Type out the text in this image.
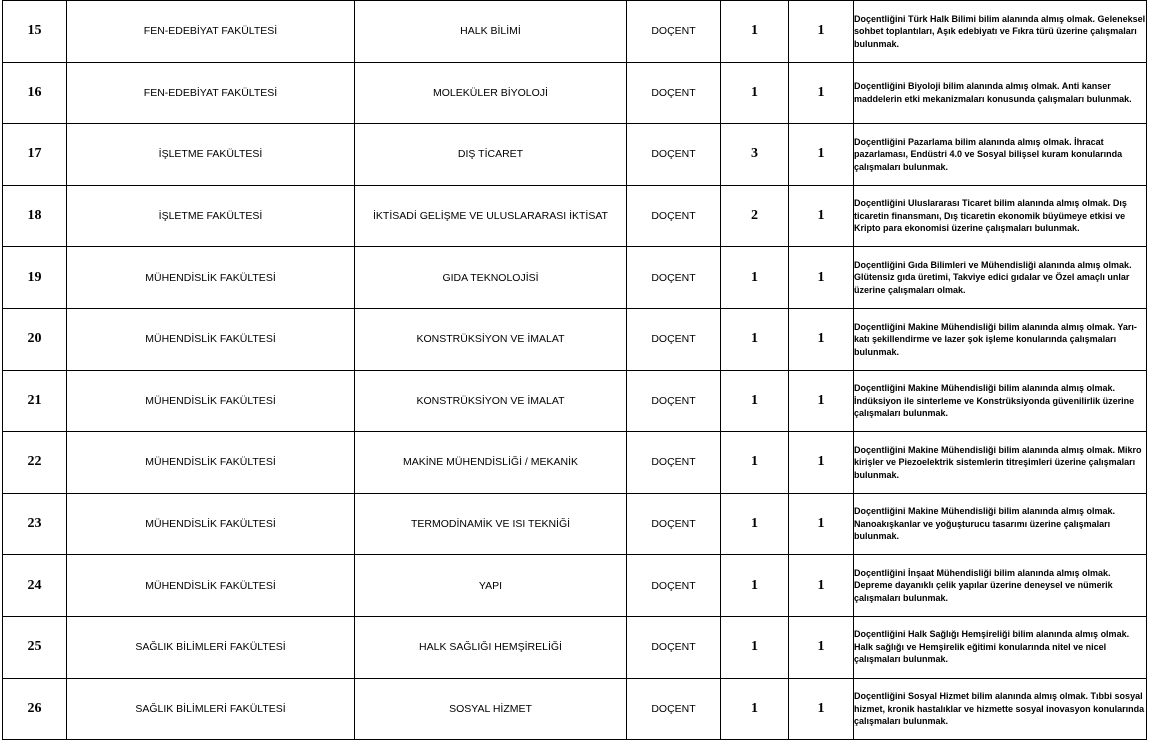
15	FEN-EDEBİYAT FAKÜLTESİ	HALK BİLİMİ	DOÇENT	1	1	Doçentliğini Türk Halk Bilimi bilim alanında almış olmak. Geleneksel sohbet toplantıları, Aşık edebiyatı ve Fıkra türü üzerine çalışmaları bulunmak.
16	FEN-EDEBİYAT FAKÜLTESİ	MOLEKÜLER BİYOLOJİ	DOÇENT	1	1	Doçentliğini Biyoloji bilim alanında almış olmak. Anti kanser maddelerin etki mekanizmaları konusunda çalışmaları bulunmak.
17	İŞLETME FAKÜLTESİ	DIŞ TİCARET	DOÇENT	3	1	Doçentliğini Pazarlama bilim alanında almış olmak. İhracat pazarlaması, Endüstri 4.0 ve Sosyal bilişsel kuram konularında çalışmaları bulunmak.
18	İŞLETME FAKÜLTESİ	İKTİSADİ GELİŞME VE ULUSLARARASI İKTİSAT	DOÇENT	2	1	Doçentliğini Uluslararası Ticaret bilim alanında almış olmak. Dış ticaretin finansmanı, Dış ticaretin ekonomik büyümeye etkisi ve Kripto para ekonomisi üzerine çalışmaları bulunmak.
19	MÜHENDİSLİK FAKÜLTESİ	GIDA TEKNOLOJİSİ	DOÇENT	1	1	Doçentliğini Gıda Bilimleri ve Mühendisliği alanında almış olmak. Glütensiz gıda üretimi, Takviye edici gıdalar ve Özel amaçlı unlar üzerine çalışmaları olmak.
20	MÜHENDİSLİK FAKÜLTESİ	KONSTRÜKSİYON VE İMALAT	DOÇENT	1	1	Doçentliğini Makine Mühendisliği bilim alanında almış olmak. Yarı-katı şekillendirme ve lazer şok işleme konularında çalışmaları bulunmak.
21	MÜHENDİSLİK FAKÜLTESİ	KONSTRÜKSİYON VE İMALAT	DOÇENT	1	1	Doçentliğini Makine Mühendisliği bilim alanında almış olmak. İndüksiyon ile sinterleme ve Konstrüksiyonda güvenilirlik üzerine çalışmaları bulunmak.
22	MÜHENDİSLİK FAKÜLTESİ	MAKİNE MÜHENDİSLİĞİ / MEKANİK	DOÇENT	1	1	Doçentliğini Makine Mühendisliği bilim alanında almış olmak. Mikro kirişler ve Piezoelektrik sistemlerin titreşimleri üzerine çalışmaları bulunmak.
23	MÜHENDİSLİK FAKÜLTESİ	TERMODİNAMİK VE ISI TEKNİĞİ	DOÇENT	1	1	Doçentliğini Makine Mühendisliği bilim alanında almış olmak. Nanoakışkanlar ve yoğuşturucu tasarımı üzerine çalışmaları bulunmak.
24	MÜHENDİSLİK FAKÜLTESİ	YAPI	DOÇENT	1	1	Doçentliğini İnşaat Mühendisliği bilim alanında almış olmak. Depreme dayanıklı çelik yapılar üzerine deneysel ve nümerik çalışmaları bulunmak.
25	SAĞLIK BİLİMLERİ FAKÜLTESİ	HALK SAĞLIĞI HEMŞİRELİĞİ	DOÇENT	1	1	Doçentliğini Halk Sağlığı Hemşireliği bilim alanında almış olmak. Halk sağlığı ve Hemşirelik eğitimi konularında nitel ve nicel çalışmaları bulunmak.
26	SAĞLIK BİLİMLERİ FAKÜLTESİ	SOSYAL HİZMET	DOÇENT	1	1	Doçentliğini Sosyal Hizmet bilim alanında almış olmak. Tıbbi sosyal hizmet, kronik hastalıklar ve hizmette sosyal inovasyon konularında çalışmaları bulunmak.
